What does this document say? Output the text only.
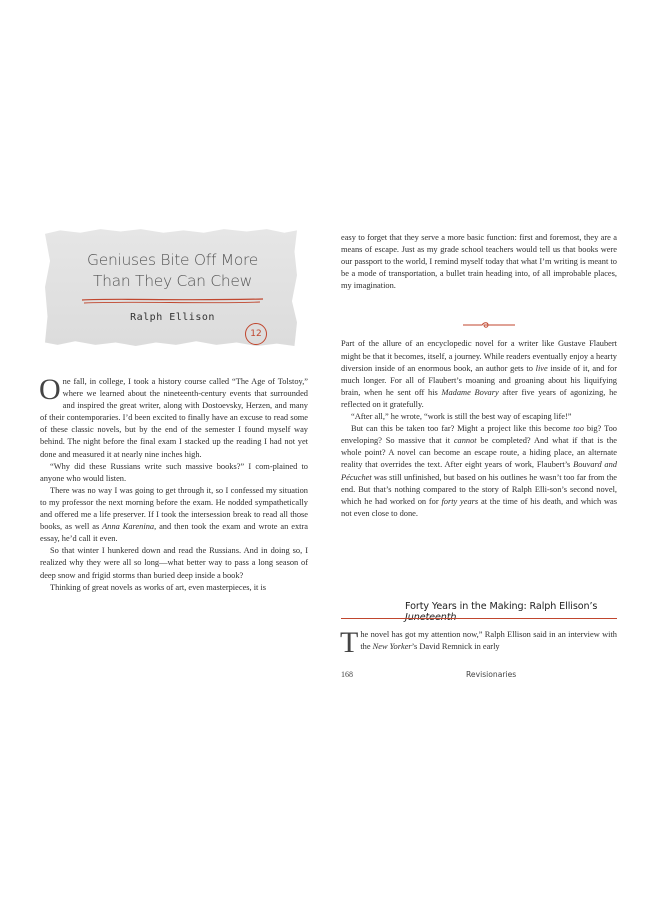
Geniuses Bite Off More
Than They Can Chew
Ralph Ellison
12

One fall, in college, I took a history course called “The Age of Tolstoy,” where we learned about the nineteenth-century events that surrounded and inspired the great writer, along with Dostoevsky, Herzen, and many of their contemporaries. I’d been excited to finally have an excuse to read some of these classic novels, but by the end of the semester I found myself way behind. The night before the final exam I stacked up the reading I had not yet done and measured it at nearly nine inches high.

“Why did these Russians write such massive books?” I com-plained to anyone who would listen.

There was no way I was going to get through it, so I confessed my situation to my professor the next morning before the exam. He nodded sympathetically and offered me a life preserver. If I took the intersession break to read all those books, as well as Anna Karenina, and then took the exam and wrote an extra essay, he’d call it even.

So that winter I hunkered down and read the Russians. And in doing so, I realized why they were all so long—what better way to pass a long season of deep snow and frigid storms than buried deep inside a book?

Thinking of great novels as works of art, even masterpieces, it is

easy to forget that they serve a more basic function: first and foremost, they are a means of escape. Just as my grade school teachers would tell us that books were our passport to the world, I remind myself today that what I’m writing is meant to be a mode of transportation, a bullet train heading into, of all improbable places, my imagination.

Part of the allure of an encyclopedic novel for a writer like Gustave Flaubert might be that it becomes, itself, a journey. While readers eventually enjoy a hearty diversion inside of an enormous book, an author gets to live inside of it, and for much longer. For all of Flaubert’s moaning and groaning about his liquifying brain, when he sent off his Madame Bovary after five years of agonizing, he reflected on it gratefully.

“After all,” he wrote, “work is still the best way of escaping life!”

But can this be taken too far? Might a project like this become too big? Too enveloping? So massive that it cannot be completed? And what if that is the whole point? A novel can become an escape route, a hiding place, an alternate reality that overrides the text. After eight years of work, Flaubert’s Bouvard and Pécuchet was still unfinished, but based on his outlines he wasn’t too far from the end. But that’s nothing compared to the story of Ralph Elli-son’s second novel, which he had worked on for forty years at the time of his death, and which was not even close to done.

Forty Years in the Making: Ralph Ellison’s

The novel has got my attention now,” Ralph Ellison said in an interview with the New Yorker’s David Remnick in early

168	Revisionaries
